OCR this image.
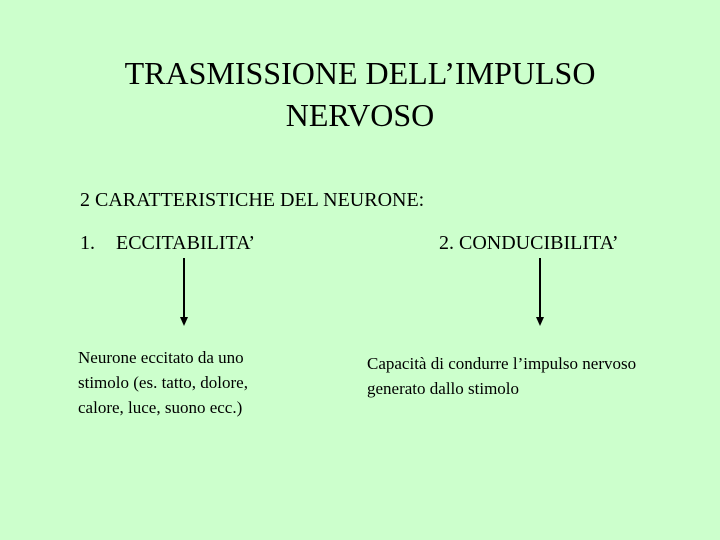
TRASMISSIONE DELL’IMPULSO
NERVOSO
2 CARATTERISTICHE DEL NEURONE:
1. ECCITABILITA’	2. CONDUCIBILITA’
Neurone eccitato da uno stimolo (es. tatto, dolore, calore, luce, suono ecc.)
Capacità di condurre l’impulso nervoso generato dallo stimolo
